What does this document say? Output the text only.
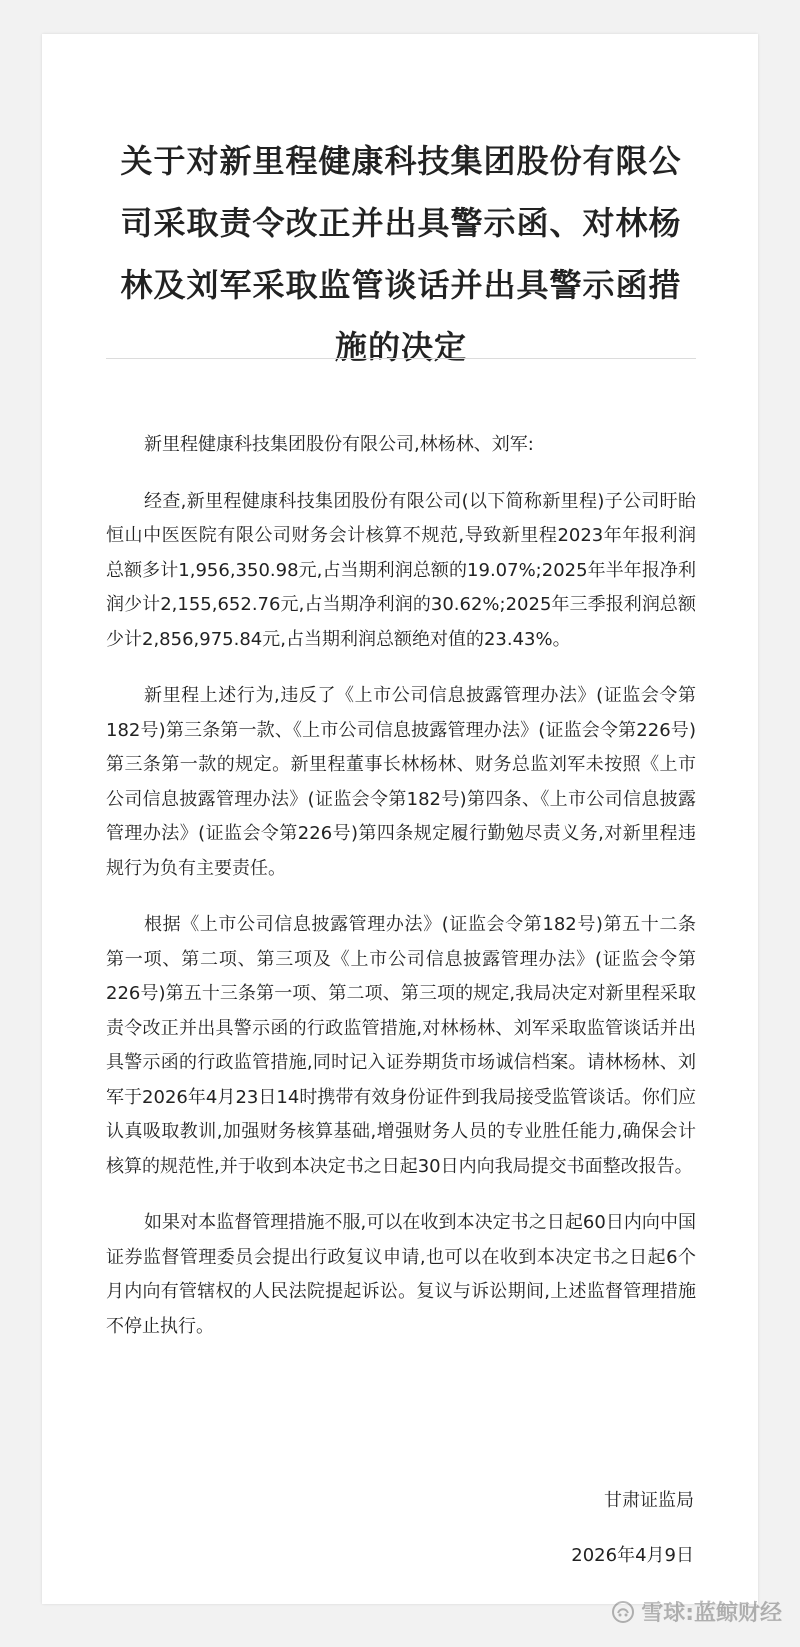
关于对新里程健康科技集团股份有限公司采取责令改正并出具警示函、对林杨林及刘军采取监管谈话并出具警示函措施的决定

新里程健康科技集团股份有限公司,林杨林、刘军:

经查,新里程健康科技集团股份有限公司(以下简称新里程)子公司盱眙恒山中医医院有限公司财务会计核算不规范,导致新里程2023年年报利润总额多计1,956,350.98元,占当期利润总额的19.07%;2025年半年报净利润少计2,155,652.76元,占当期净利润的30.62%;2025年三季报利润总额少计2,856,975.84元,占当期利润总额绝对值的23.43%。

新里程上述行为,违反了《上市公司信息披露管理办法》(证监会令第182号)第三条第一款、《上市公司信息披露管理办法》(证监会令第226号)第三条第一款的规定。新里程董事长林杨林、财务总监刘军未按照《上市公司信息披露管理办法》(证监会令第182号)第四条、《上市公司信息披露管理办法》(证监会令第226号)第四条规定履行勤勉尽责义务,对新里程违规行为负有主要责任。

根据《上市公司信息披露管理办法》(证监会令第182号)第五十二条第一项、第二项、第三项及《上市公司信息披露管理办法》(证监会令第226号)第五十三条第一项、第二项、第三项的规定,我局决定对新里程采取责令改正并出具警示函的行政监管措施,对林杨林、刘军采取监管谈话并出具警示函的行政监管措施,同时记入证券期货市场诚信档案。请林杨林、刘军于2026年4月23日14时携带有效身份证件到我局接受监管谈话。你们应认真吸取教训,加强财务核算基础,增强财务人员的专业胜任能力,确保会计核算的规范性,并于收到本决定书之日起30日内向我局提交书面整改报告。

如果对本监督管理措施不服,可以在收到本决定书之日起60日内向中国证券监督管理委员会提出行政复议申请,也可以在收到本决定书之日起6个月内向有管辖权的人民法院提起诉讼。复议与诉讼期间,上述监督管理措施不停止执行。

甘肃证监局
2026年4月9日
雪球:蓝鲸财经
